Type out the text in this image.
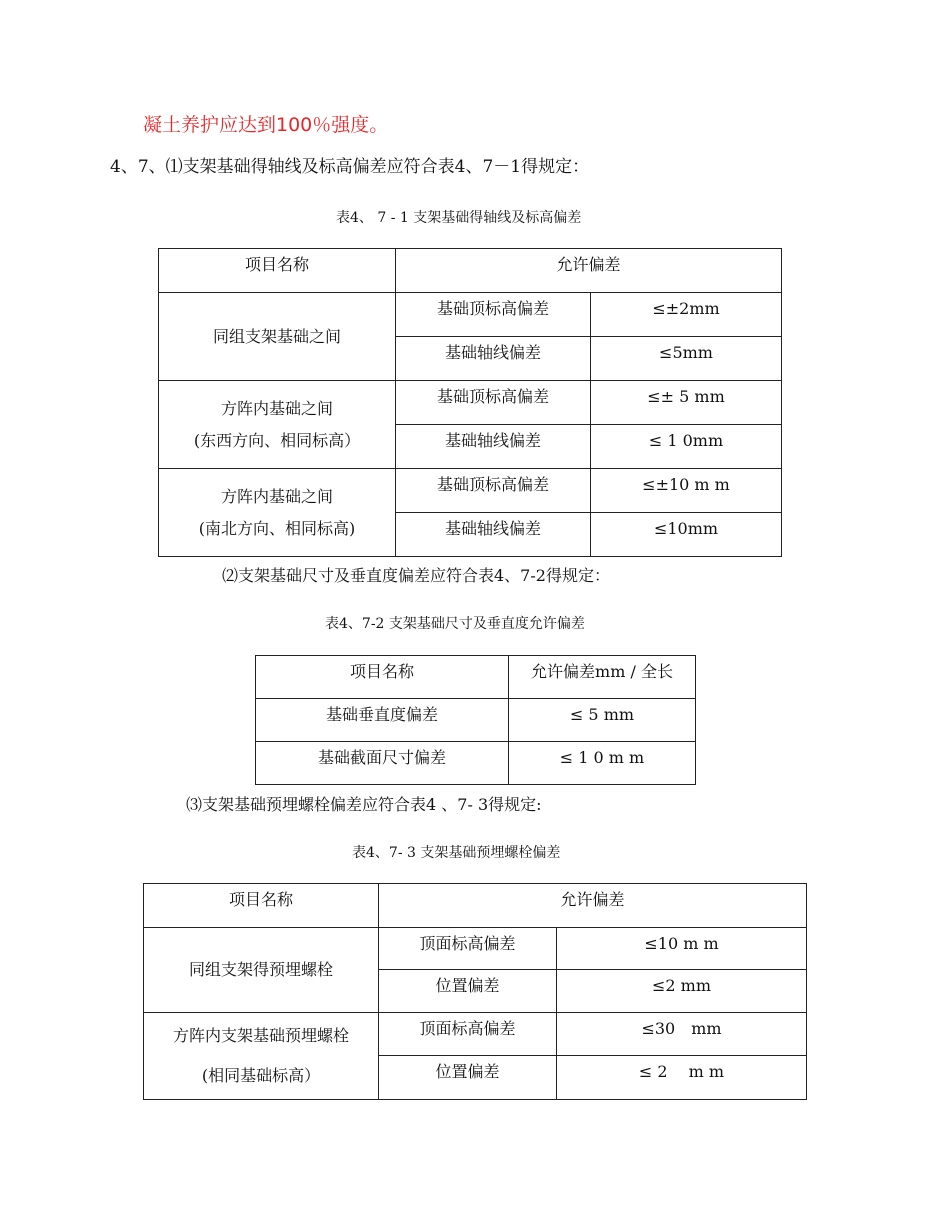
凝土养护应达到100％强度。
4、7、⑴支架基础得轴线及标高偏差应符合表4、7－1得规定：
表4、 7 - 1 支架基础得轴线及标高偏差
项目名称	允许偏差	

同组支架基础之间	基础顶标高偏差	≤±2mm
	基础轴线偏差	≤5mm

方阵内基础之间
(东西方向、相同标高）	基础顶标高偏差	≤± 5 mm
	基础轴线偏差	≤ 1 0mm

方阵内基础之间
(南北方向、相同标高)	基础顶标高偏差	≤±10 m m
	基础轴线偏差	≤10mm
⑵支架基础尺寸及垂直度偏差应符合表4、7-2得规定：
表4、7-2 支架基础尺寸及垂直度允许偏差
项目名称	允许偏差mm / 全长
基础垂直度偏差	≤ 5 mm
基础截面尺寸偏差	≤ 1 0 m m
⑶支架基础预埋螺栓偏差应符合表4 、7- 3得规定:
表4、7- 3 支架基础预埋螺栓偏差
项目名称	允许偏差	

同组支架得预埋螺栓	顶面标高偏差	≤10 m m
	位置偏差	≤2 mm

方阵内支架基础预埋螺栓
(相同基础标高）	顶面标高偏差	≤30　mm
	位置偏差	≤ 2　 m m
